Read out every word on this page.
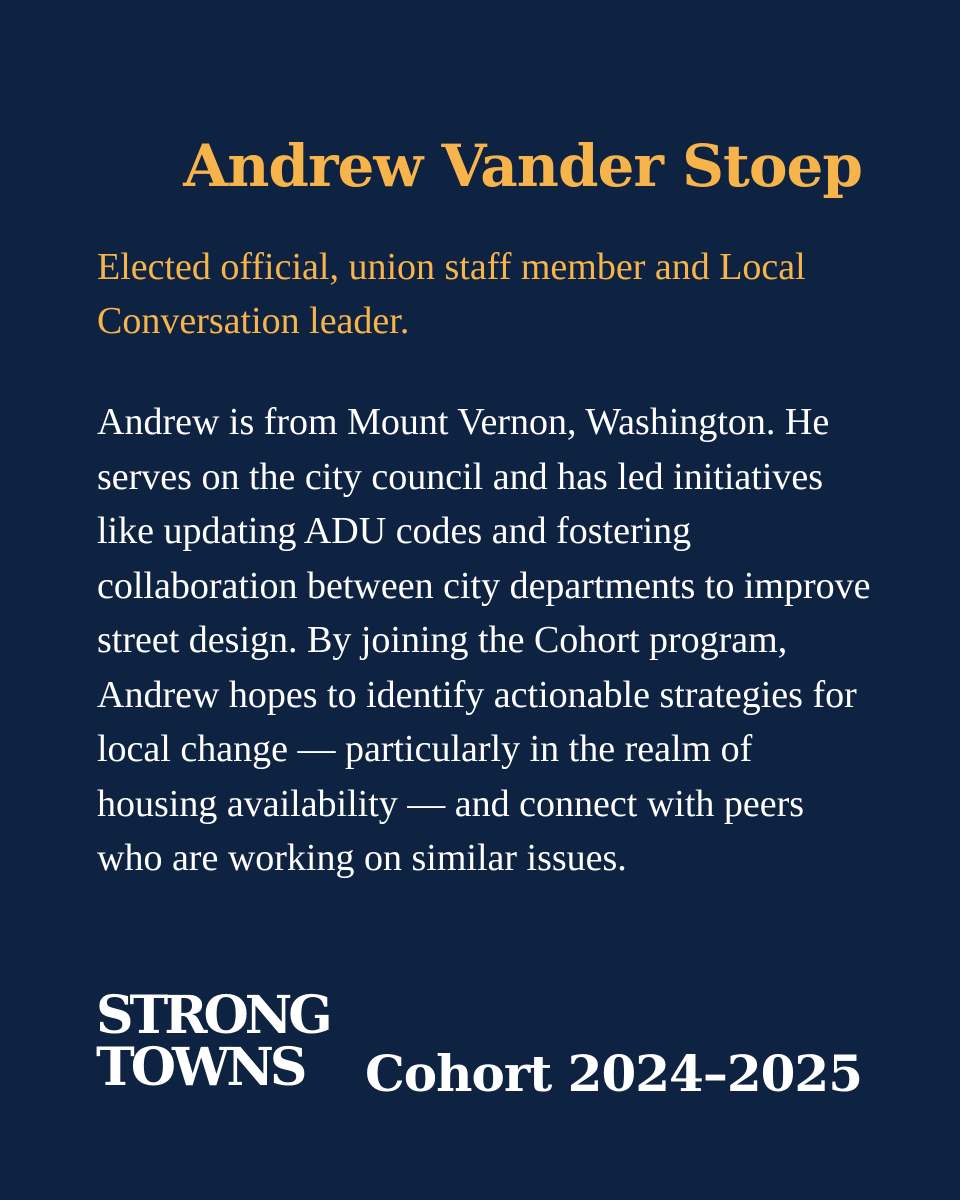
Andrew Vander Stoep

Elected official, union staff member and Local Conversation leader.

Andrew is from Mount Vernon, Washington. He serves on the city council and has led initiatives like updating ADU codes and fostering collaboration between city departments to improve street design. By joining the Cohort program, Andrew hopes to identify actionable strategies for local change — particularly in the realm of housing availability — and connect with peers who are working on similar issues.

STRONG
TOWNS	Cohort 2024–2025
